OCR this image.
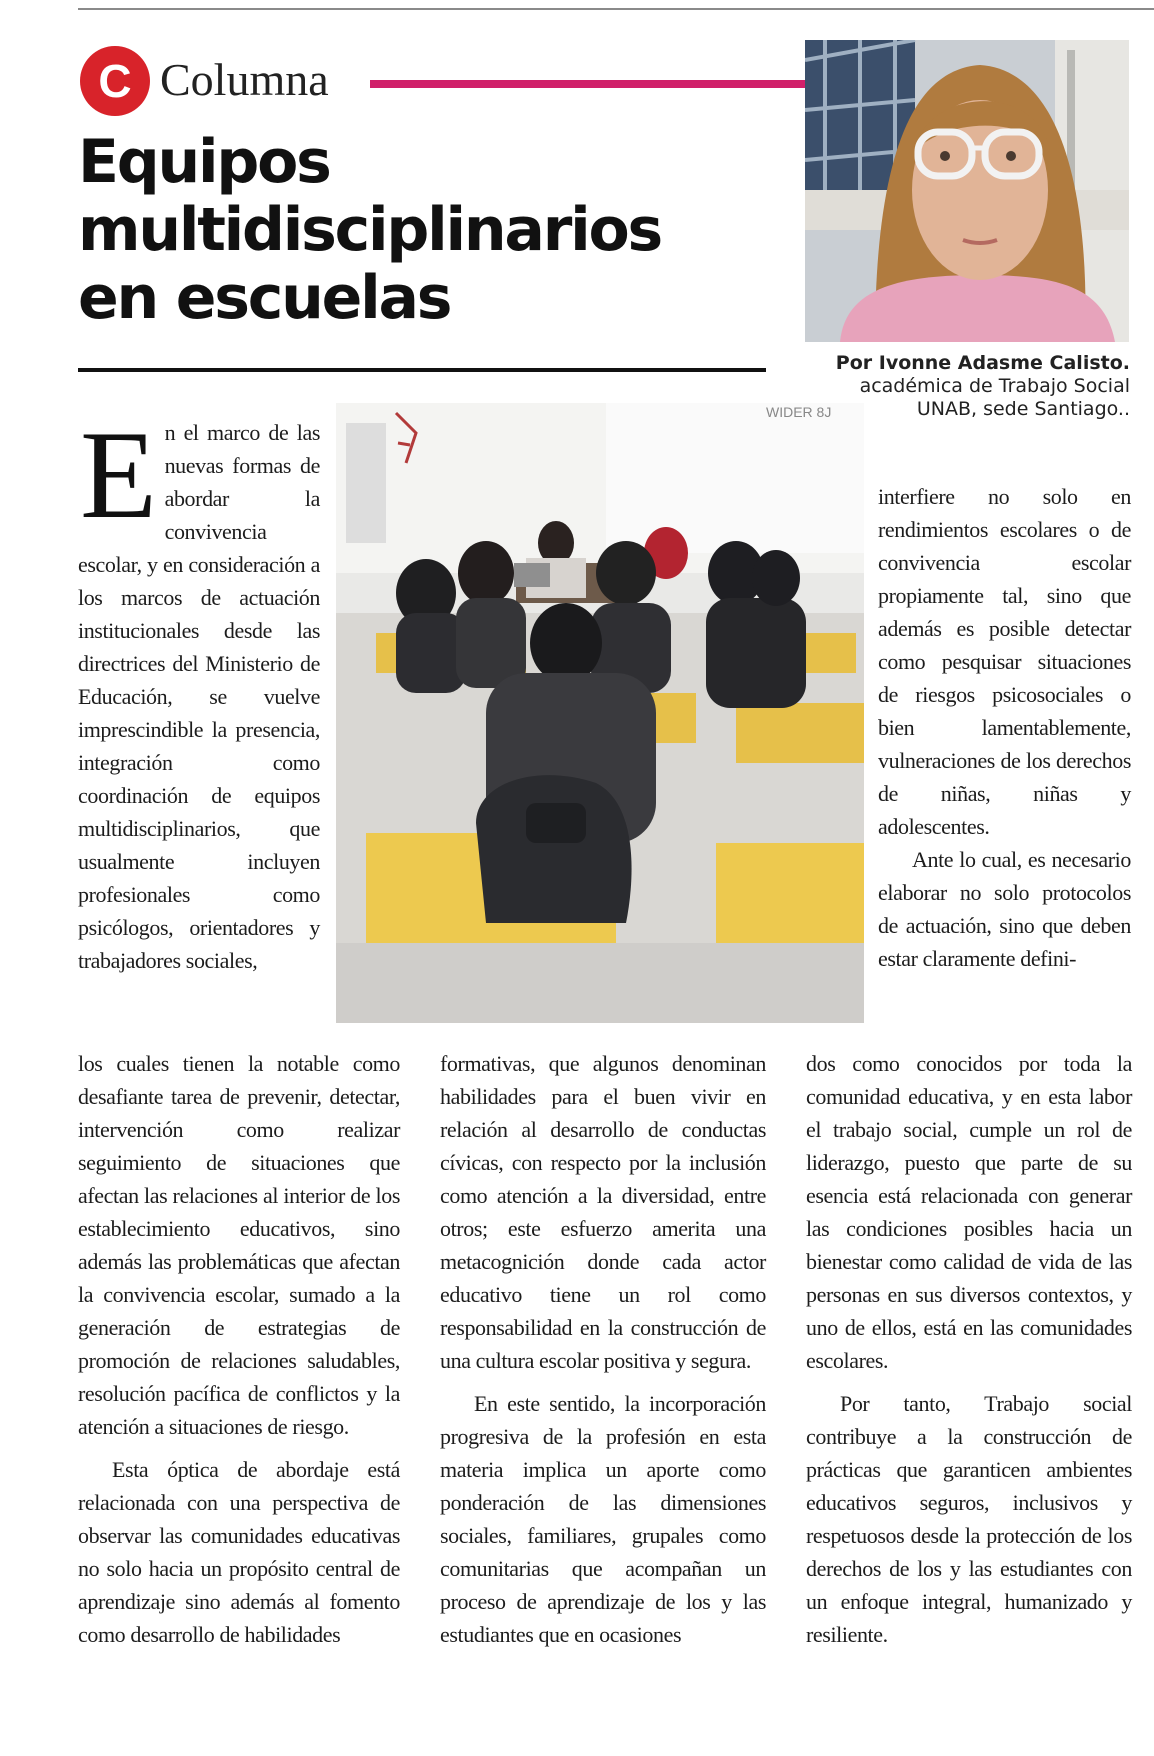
C Columna
Equipos
multidisciplinarios
en escuelas
Por Ivonne Adasme Calisto.
académica de Trabajo Social
UNAB, sede Santiago..
WIDER 8J

E n el marco de las nuevas formas de abordar la convivencia escolar, y en consideración a los marcos de actuación institucionales desde las directrices del Ministerio de Educación, se vuelve imprescindible la presencia, integración como coordinación de equipos multidisciplinarios, que usualmente incluyen profesionales como psicólogos, orientadores y trabajadores sociales,

los cuales tienen la notable como desafiante tarea de prevenir, detectar, intervención como realizar seguimiento de situaciones que afectan las relaciones al interior de los establecimiento educativos, sino además las problemáticas que afectan la convivencia escolar, sumado a la generación de estrategias de promoción de relaciones saludables, resolución pacífica de conflictos y la atención a situaciones de riesgo.

Esta óptica de abordaje está relacionada con una perspectiva de observar las comunidades educativas no solo hacia un propósito central de aprendizaje sino además al fomento como desarrollo de habilidades

formativas, que algunos denominan habilidades para el buen vivir en relación al desarrollo de conductas cívicas, con respecto por la inclusión como atención a la diversidad, entre otros; este esfuerzo amerita una metacognición donde cada actor educativo tiene un rol como responsabilidad en la construcción de una cultura escolar positiva y segura.

En este sentido, la incorporación progresiva de la profesión en esta materia implica un aporte como ponderación de las dimensiones sociales, familiares, grupales como comunitarias que acompañan un proceso de aprendizaje de los y las estudiantes que en ocasiones

interfiere no solo en rendimientos escolares o de convivencia escolar propiamente tal, sino que además es posible detectar como pesquisar situaciones de riesgos psicosociales o bien lamentablemente, vulneraciones de los derechos de niñas, niñas y adolescentes.

Ante lo cual, es necesario elaborar no solo protocolos de actuación, sino que deben estar claramente defini-

dos como conocidos por toda la comunidad educativa, y en esta labor el trabajo social, cumple un rol de liderazgo, puesto que parte de su esencia está relacionada con generar las condiciones posibles hacia un bienestar como calidad de vida de las personas en sus diversos contextos, y uno de ellos, está en las comunidades escolares.

Por tanto, Trabajo social contribuye a la construcción de prácticas que garanticen ambientes educativos seguros, inclusivos y respetuosos desde la protección de los derechos de los y las estudiantes con un enfoque integral, humanizado y resiliente.
